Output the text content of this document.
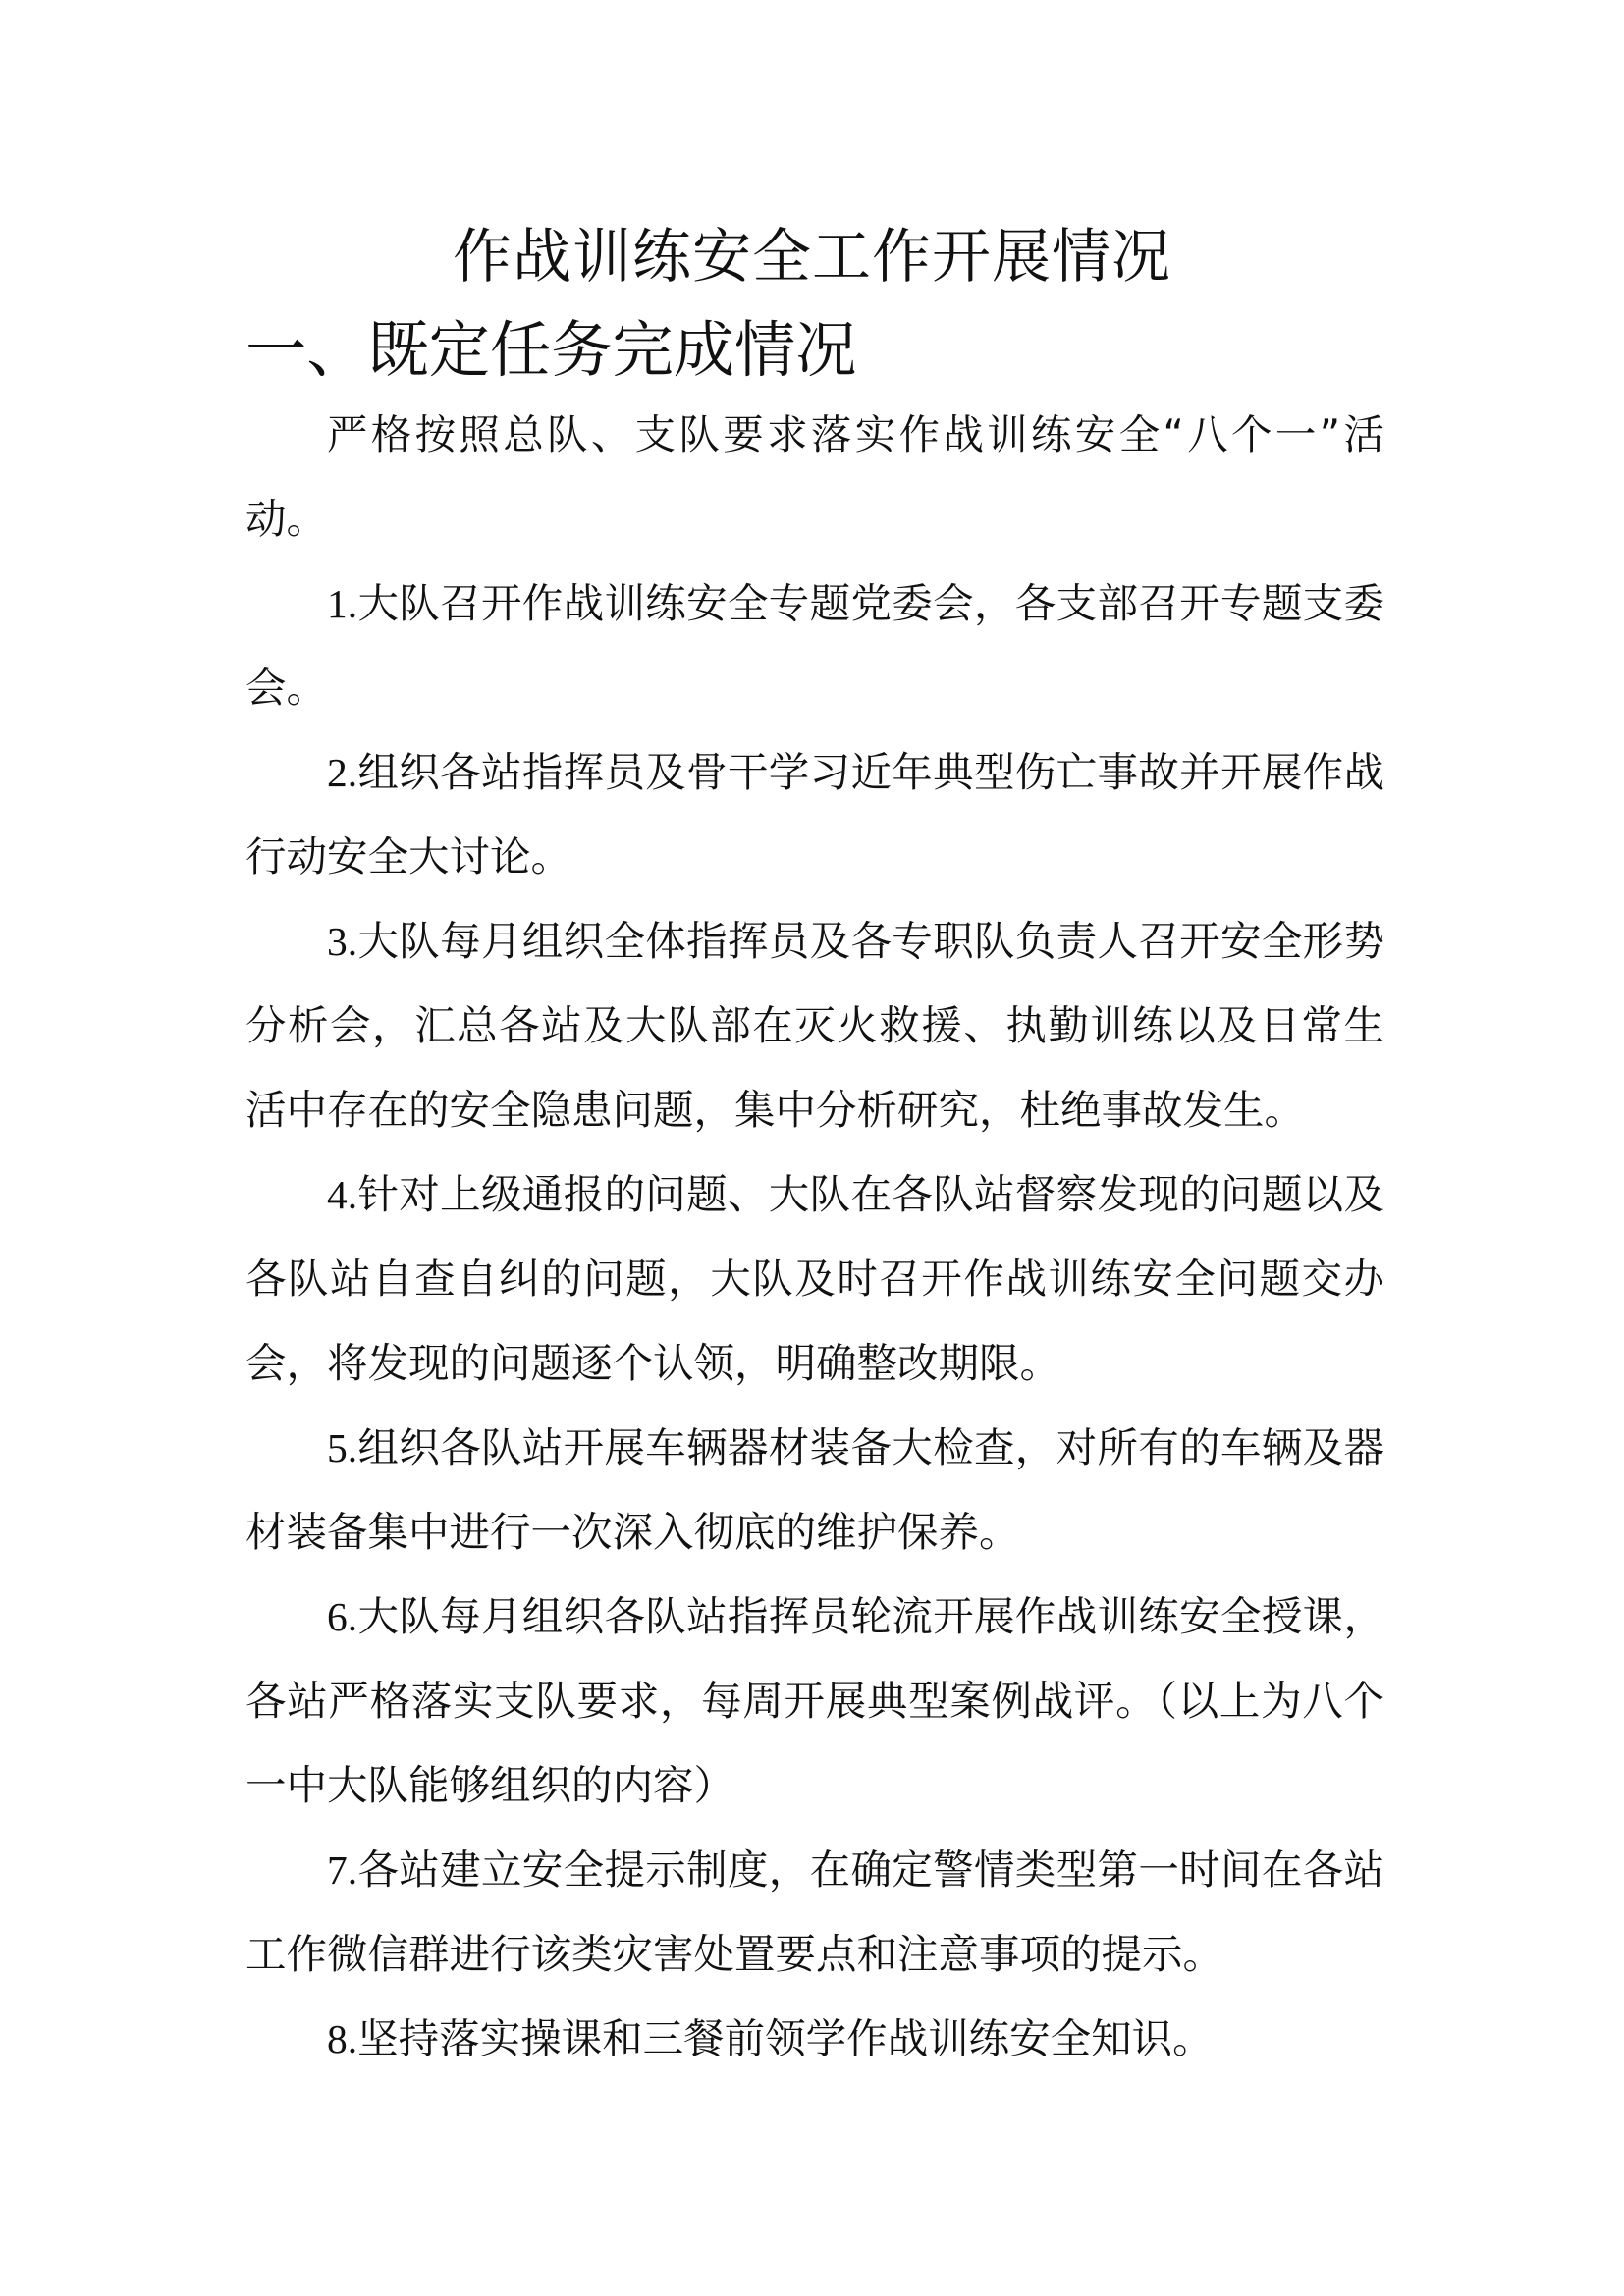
作战训练安全工作开展情况
一、既定任务完成情况

严格按照总队、支队要求落实作战训练安全“八个一”活动。

1.大队召开作战训练安全专题党委会，各支部召开专题支委会。

2.组织各站指挥员及骨干学习近年典型伤亡事故并开展作战行动安全大讨论。

3.大队每月组织全体指挥员及各专职队负责人召开安全形势分析会，汇总各站及大队部在灭火救援、执勤训练以及日常生活中存在的安全隐患问题，集中分析研究，杜绝事故发生。

4.针对上级通报的问题、大队在各队站督察发现的问题以及各队站自查自纠的问题，大队及时召开作战训练安全问题交办会，将发现的问题逐个认领，明确整改期限。

5.组织各队站开展车辆器材装备大检查，对所有的车辆及器材装备集中进行一次深入彻底的维护保养。

6.大队每月组织各队站指挥员轮流开展作战训练安全授课，各站严格落实支队要求，每周开展典型案例战评。（以上为八个一中大队能够组织的内容）

7.各站建立安全提示制度，在确定警情类型第一时间在各站工作微信群进行该类灾害处置要点和注意事项的提示。

8.坚持落实操课和三餐前领学作战训练安全知识。
